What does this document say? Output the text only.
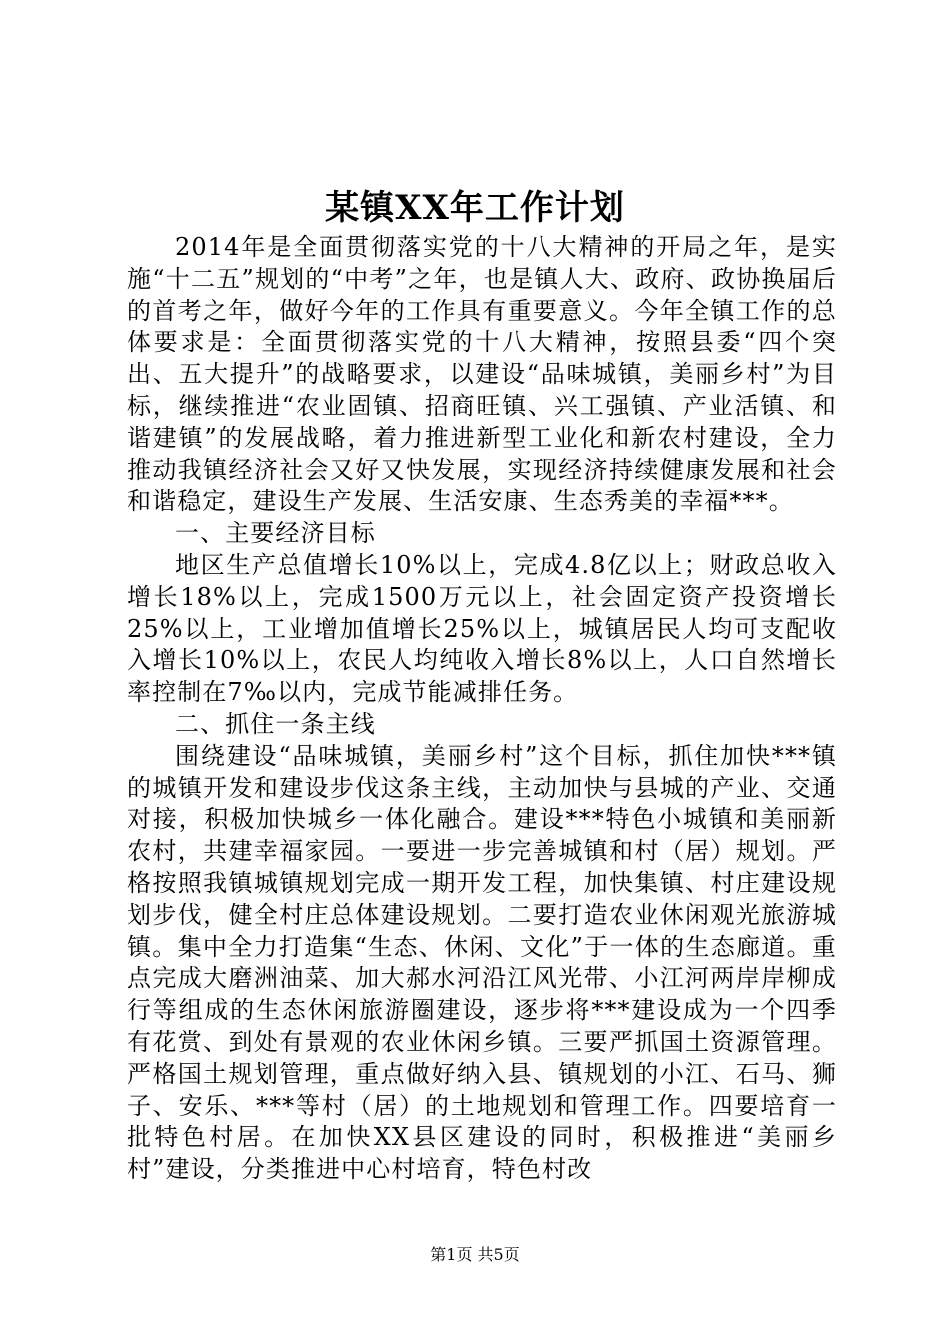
某镇XX年工作计划

2014年是全面贯彻落实党的十八大精神的开局之年，是实施“十二五”规划的“中考”之年，也是镇人大、政府、政协换届后的首考之年，做好今年的工作具有重要意义。今年全镇工作的总体要求是：全面贯彻落实党的十八大精神，按照县委“四个突出、五大提升”的战略要求，以建设“品味城镇，美丽乡村”为目标，继续推进“农业固镇、招商旺镇、兴工强镇、产业活镇、和谐建镇”的发展战略，着力推进新型工业化和新农村建设，全力推动我镇经济社会又好又快发展，实现经济持续健康发展和社会和谐稳定，建设生产发展、生活安康、生态秀美的幸福***。

一、主要经济目标

地区生产总值增长10%以上，完成4.8亿以上；财政总收入增长18%以上，完成1500万元以上，社会固定资产投资增长25%以上，工业增加值增长25%以上，城镇居民人均可支配收入增长10%以上，农民人均纯收入增长8%以上，人口自然增长率控制在7‰以内，完成节能减排任务。

二、抓住一条主线

围绕建设“品味城镇，美丽乡村”这个目标，抓住加快***镇的城镇开发和建设步伐这条主线，主动加快与县城的产业、交通对接，积极加快城乡一体化融合。建设***特色小城镇和美丽新农村，共建幸福家园。一要进一步完善城镇和村（居）规划。严格按照我镇城镇规划完成一期开发工程，加快集镇、村庄建设规划步伐，健全村庄总体建设规划。二要打造农业休闲观光旅游城镇。集中全力打造集“生态、休闲、文化”于一体的生态廊道。重点完成大磨洲油菜、加大郝水河沿江风光带、小江河两岸岸柳成行等组成的生态休闲旅游圈建设，逐步将***建设成为一个四季有花赏、到处有景观的农业休闲乡镇。三要严抓国土资源管理。严格国土规划管理，重点做好纳入县、镇规划的小江、石马、狮子、安乐、***等村（居）的土地规划和管理工作。四要培育一批特色村居。在加快XX县区建设的同时，积极推进“美丽乡村”建设，分类推进中心村培育，特色村改

第1页 共5页
